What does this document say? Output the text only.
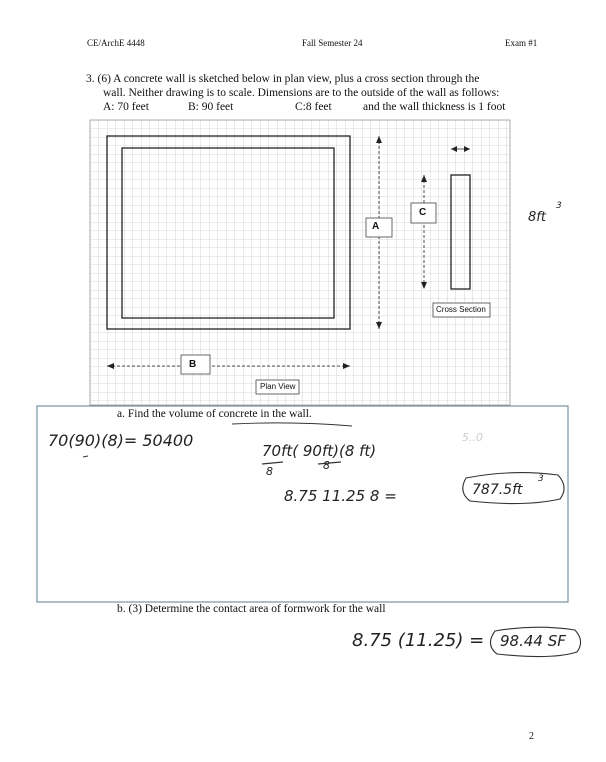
CE/ArchE 4448	Fall Semester 24	Exam #1
3. (6) A concrete wall is sketched below in plan view, plus a cross section through the
wall. Neither drawing is to scale. Dimensions are to the outside of the wall as follows:
A: 70 feet	B: 90 feet	C:8 feet	and the wall thickness is 1 foot
A
B
C
Cross Section
Plan View
a. Find the volume of concrete in the wall.
8ft
3
70(90)(8)= 50400
70ft( 90ft)(8 ft)
8	8
5..0
8.75 11.25 8 =	787.5ft
3
b. (3) Determine the contact area of formwork for the wall
8.75 (11.25) = 98.44 SF
2
